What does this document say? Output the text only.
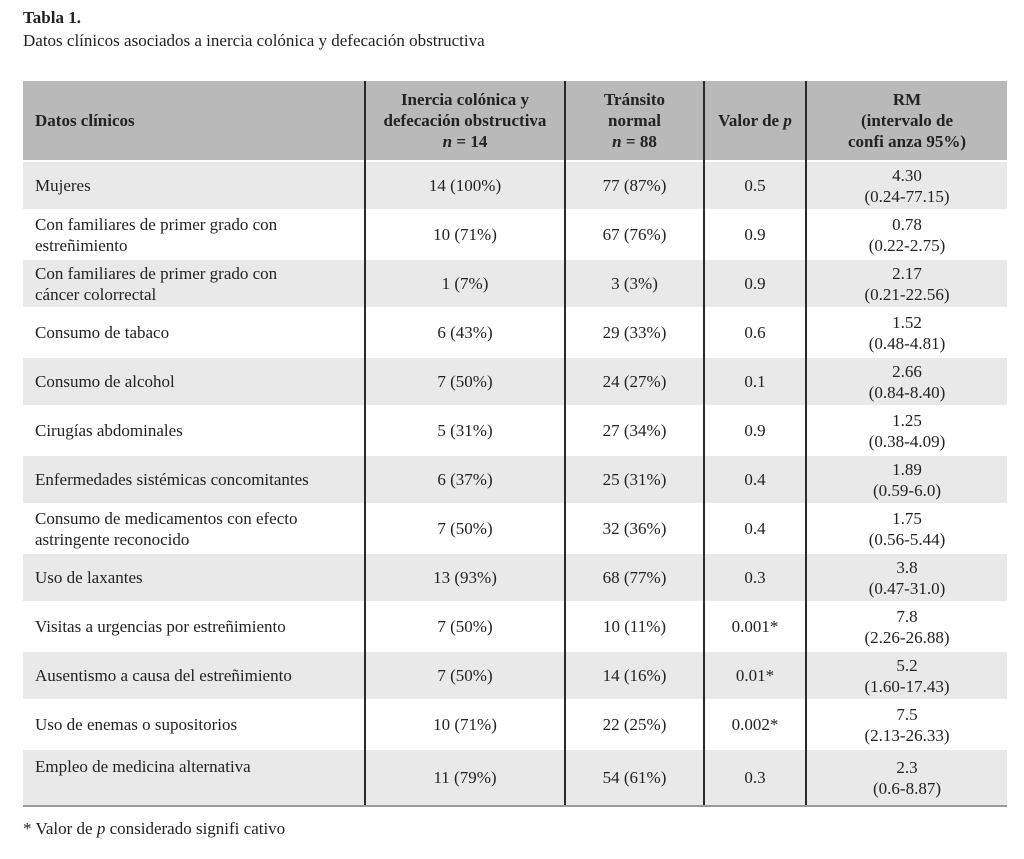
Tabla 1.
Datos clínicos asociados a inercia colónica y defecación obstructiva
Datos clínicos	Inercia colónica y
defecación obstructiva
n = 14	Tránsito
normal
n = 88	Valor de p	RM
(intervalo de
confi anza 95%)
Mujeres	14 (100%)	77 (87%)	0.5	4.30
(0.24-77.15)
Con familiares de primer grado con
estreñimiento	10 (71%)	67 (76%)	0.9	0.78
(0.22-2.75)
Con familiares de primer grado con
cáncer colorrectal	1 (7%)	3 (3%)	0.9	2.17
(0.21-22.56)
Consumo de tabaco	6 (43%)	29 (33%)	0.6	1.52
(0.48-4.81)
Consumo de alcohol	7 (50%)	24 (27%)	0.1	2.66
(0.84-8.40)
Cirugías abdominales	5 (31%)	27 (34%)	0.9	1.25
(0.38-4.09)
Enfermedades sistémicas concomitantes	6 (37%)	25 (31%)	0.4	1.89
(0.59-6.0)
Consumo de medicamentos con efecto
astringente reconocido	7 (50%)	32 (36%)	0.4	1.75
(0.56-5.44)
Uso de laxantes	13 (93%)	68 (77%)	0.3	3.8
(0.47-31.0)
Visitas a urgencias por estreñimiento	7 (50%)	10 (11%)	0.001*	7.8
(2.26-26.88)
Ausentismo a causa del estreñimiento	7 (50%)	14 (16%)	0.01*	5.2
(1.60-17.43)
Uso de enemas o supositorios	10 (71%)	22 (25%)	0.002*	7.5
(2.13-26.33)
Empleo de medicina alternativa	11 (79%)	54 (61%)	0.3	2.3
(0.6-8.87)
* Valor de p considerado signifi cativo
